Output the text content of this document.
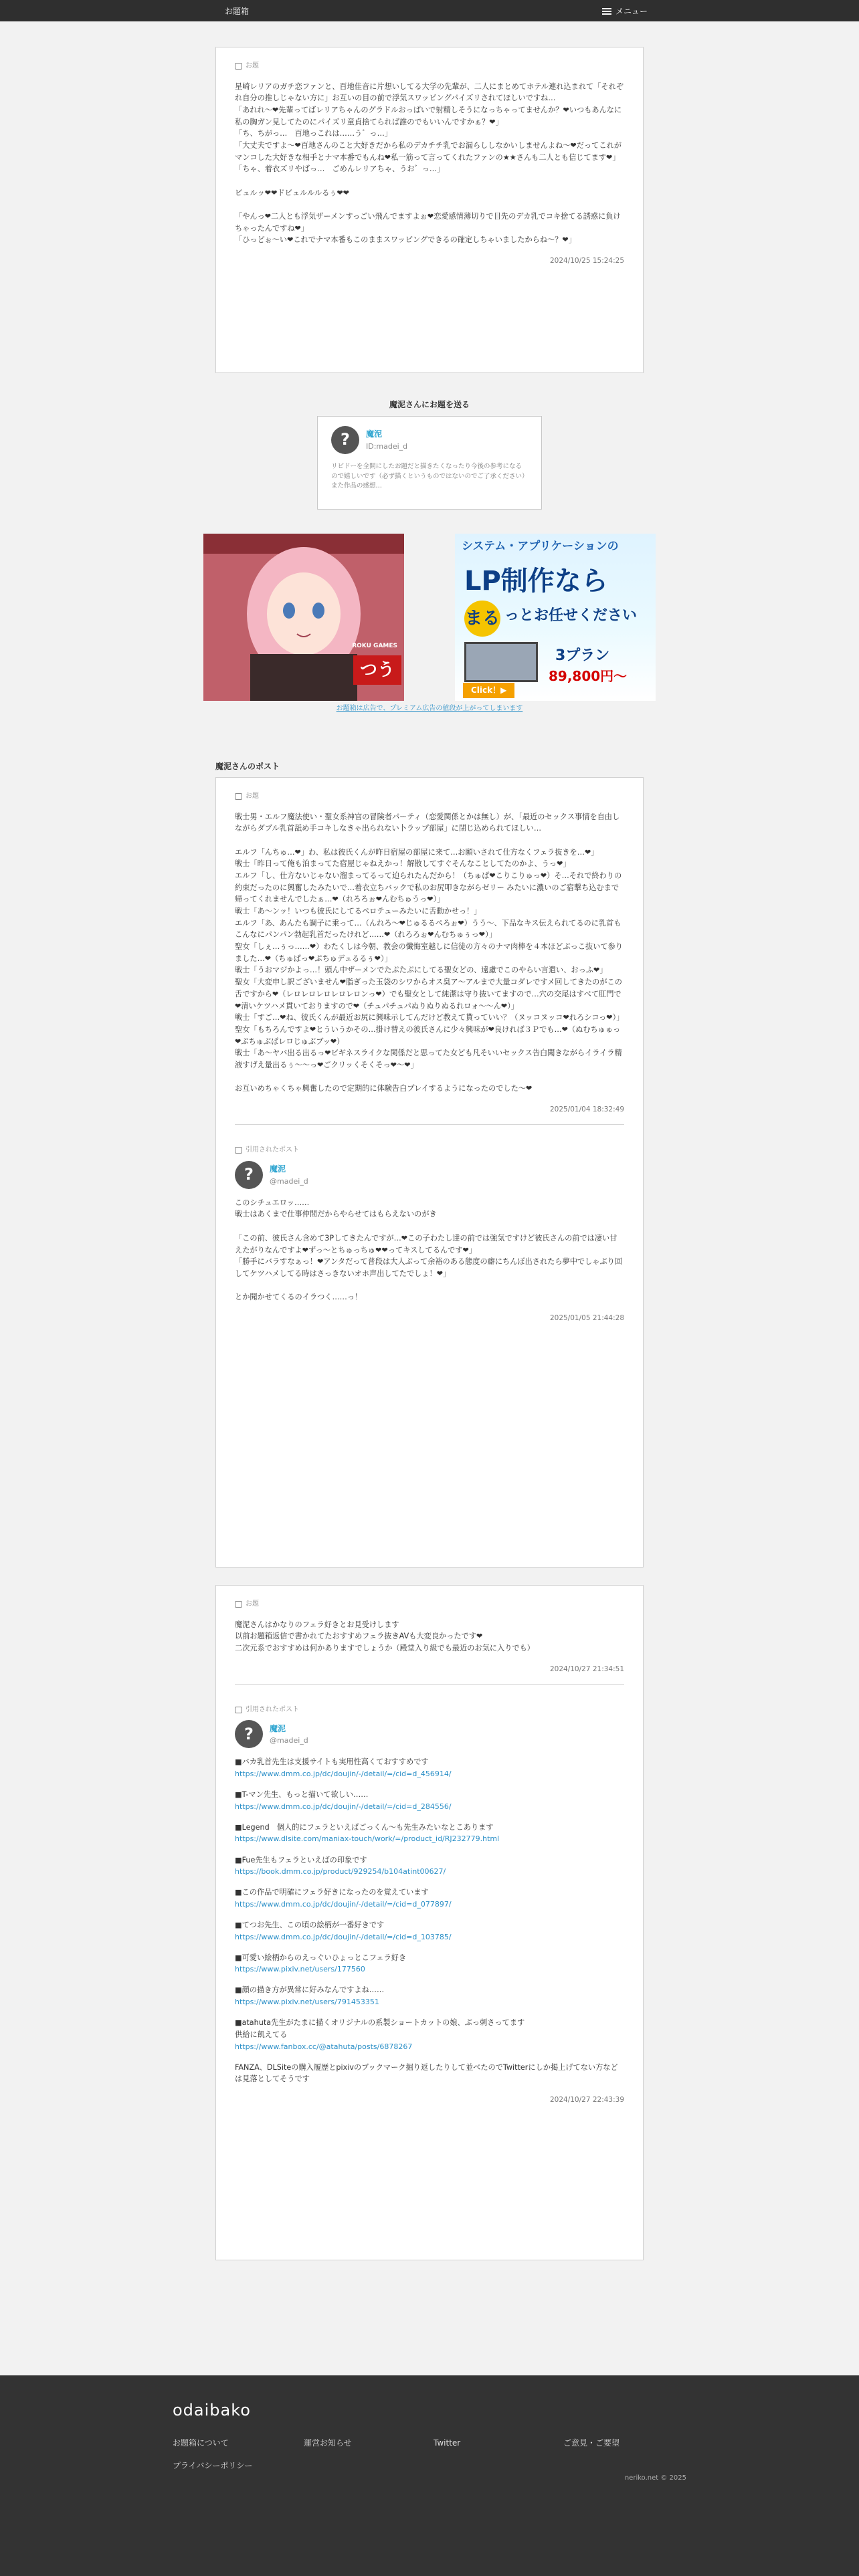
お題箱	メニュー
お題
星崎レリアのガチ恋ファンと、百地佳音に片想いしてる大学の先輩が、二人にまとめてホテル連れ込まれて「それぞれ自分の推しじゃない方に」お互いの目の前で浮気スワッピングパイズリされてほしいですね…
「あれれ〜❤先輩ってばレリアちゃんのグラドルおっぱいで射精しそうになっちゃってませんか？❤いつもあんなに私の胸ガン見してたのにパイズリ童貞捨てられば誰のでもいいんですかぁ？❤」
「ち、ちがっ…　百地っこれは……う゛っ…」
「大丈夫ですよ〜❤百地さんのこと大好きだから私のデカチチ乳でお漏らししなかいしませんよね〜❤だってこれがマンコした大好きな相手とナマ本番でもんね❤私一筋って言ってくれたファンの★★さんも二人とも信じてます❤」
「ちゃ、着衣ズリやばっ…　ごめんレリアちゃ、うお゛っ…」

ビュルッ❤❤ドビュルルルるぅ❤❤

「やんっ❤二人とも浮気ザーメンすっごい飛んでますよぉ❤恋愛感情薄切りで目先のデカ乳でコキ捨てる誘惑に負けちゃったんですね❤」
「ひっどぉ〜い❤これでナマ本番もこのままスワッピングできるの確定しちゃいましたからね〜？❤」
2024/10/25 15:24:25
魔泥さんにお題を送る
?	魔泥
ID:madei_d
リビドーを全開にしたお題だと描きたくなったり今後の参考になるので嬉しいです（必ず描くというものではないのでご了承ください）また作品の感想…
つう
ROKU GAMES
システム・アプリケーションの
LP制作なら
まる っとお任せください
3プラン
89,800円〜
Click！▶
お題箱は広告で、プレミアム広告の値段が上がってしまいます
魔泥さんのポスト
お題
戦士男・エルフ魔法使い・聖女系神官の冒険者パーティ（恋愛関係とかは無し）が、「最近のセックス事情を自由しながらダブル乳首舐め手コキしなきゃ出られない卜ラップ部屋」に閉じ込められてほしい…

エルフ「んちゅ…❤」わ、私は彼氏くんが昨日宿屋の部屋に来て…お願いされて仕方なくフェラ抜きを…❤」
戦士「昨日って俺も泊まってた宿屋じゃねえかっ！解散してすぐそんなことしてたのかよ、うっ❤」
エルフ「し、仕方ないじゃない溜まってるって迫られたんだから！（ちゅぱ❤こりこりゅっ❤）そ…それで終わりの約束だったのに興奮したみたいで…着衣立ちバックで私のお尻叩きながらゼリー みたいに濃いのご宿撃ち込むまで帰ってくれませんでしたぁ…❤（れろろぉ❤んむちゅうっ❤）」
戦士「あ〜ンッ！いつも彼氏にしてるペロテューみたいに舌動かせっ！」
エルフ「あ、あんたも調子に乗って…（んれろ〜❤じゅるるぺろぉ❤）うう〜、下品なキス伝えられてるのに乳首もこんなにパンパン勃起乳首だったけれど……❤（れろろぉ❤んむちゅぅっ❤）」
聖女「しぇ…ぅっ……❤）わたくしは今朝、教会の懺悔室越しに信徒の方々のナマ肉棒を４本ほどぶっこ抜いて参りました…❤（ちゅぱっ❤ぷちゅデュるるぅ❤）」
戦士「うおマジかよっ…！頭ん中ザーメンでたぷたぷにしてる聖女どの、遠慮でこのやらい言遣い、おっふ❤」
聖女「大変申し訳ございません❤脂ぎった玉袋のシワからオス臭ア〜アルまで大量コダレですメ回してきたのがこの舌ですから❤（レロレロレロレロレロンっ❤）でも聖女として純潔は守り抜いてますので…穴の交尾はすべて肛門で❤清いケツハメ貫いておりますので❤（チュパチュパぬりぬりぬるれロォ〜〜ん❤）」
戦士「すご…❤ね、彼氏くんが最近お尻に興味示してんだけど教えて貰っていい？（ヌッコヌッコ❤れろシコっ❤）」
聖女「もちろんですよ❤とういうかその…掛け替えの彼氏さんに少々興味が❤良ければ３Ｐでも…❤（ぬむちゅゅっ❤ぶちゅぶぱレロじゅぶブッ❤）
戦士「あ〜ヤバ出る出るっ❤ビギネスライクな関係だと思ってた女ども凡そいいセックス告白聞きながらイライラ精液すげえ量出るぅ〜〜っ❤ごクリッくそくそっ❤〜❤」

お互いめちゃくちゃ興奮したので定期的に体験告白プレイするようになったのでした〜❤
2025/01/04 18:32:49
引用されたポスト
?	魔泥
@madei_d
このシチュエロッ……
戦士はあくまで仕事仲間だからやらせてはもらえないのがき

「この前、彼氏さん含めて3Pしてきたんですが…❤この子わたし達の前では強気ですけど彼氏さんの前では凄い甘えたがりなんですよ❤ずっ〜とちゅっちゅ❤❤ってキスしてるんです❤」
「勝手にバラすなぁっ！❤アンタだって普段は大人ぶって余裕のある態度の癖にちんぽ出されたら夢中でしゃぶり回してケツハメしてる時はさっきないオホ声出してたでしょ！❤」

とか聞かせてくるのイラつく……っ！
2025/01/05 21:44:28
お題
魔泥さんはかなりのフェラ好きとお見受けします
以前お題箱返信で書かれてたおすすめフェラ抜きAVも大変良かったです❤
二次元系でおすすめは何かありますでしょうか（殿堂入り級でも最近のお気に入りでも）
2024/10/27 21:34:51
引用されたポスト
?	魔泥
@madei_d
■バカ乳首先生は支援サイトも実用性高くておすすめです
https://www.dmm.co.jp/dc/doujin/-/detail/=/cid=d_456914/
■T-マン先生、もっと描いて欲しい……
https://www.dmm.co.jp/dc/doujin/-/detail/=/cid=d_284556/
■Legend　個人的にフェラといえばごっくん〜も先生みたいなとこあります
https://www.dlsite.com/maniax-touch/work/=/product_id/RJ232779.html
■Fue先生もフェラといえばの印象です
https://book.dmm.co.jp/product/929254/b104atint00627/
■この作品で明確にフェラ好きになったのを覚えています
https://www.dmm.co.jp/dc/doujin/-/detail/=/cid=d_077897/
■てつお先生、この頃の絵柄が一番好きです
https://www.dmm.co.jp/dc/doujin/-/detail/=/cid=d_103785/
■可愛い絵柄からのえっぐいひょっとこフェラ好き
https://www.pixiv.net/users/177560
■顔の描き方が異常に好みなんですよね……
https://www.pixiv.net/users/791453351
■atahuta先生がたまに描くオリジナルの系製ショートカットの娘、ぶっ刺さってます
供給に飢えてる
https://www.fanbox.cc/@atahuta/posts/6878267
FANZA、DLSiteの購入履歴とpixivのブックマーク掘り返したりして並べたのでTwitterにしか掲上げてない方などは見落としてそうです
2024/10/27 22:43:39
odaibako
お題箱について	運営お知らせ	Twitter	ご意見・ご要望
プライバシーポリシー
neriko.net © 2025
